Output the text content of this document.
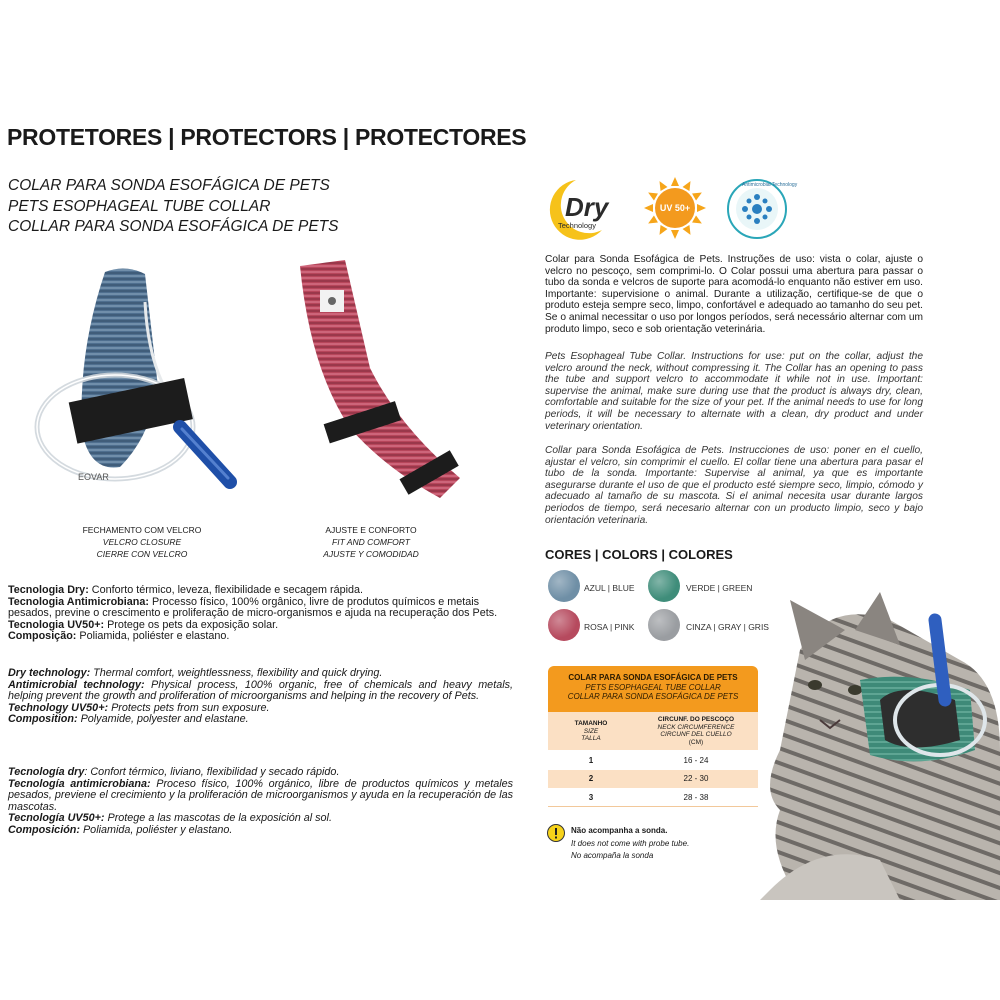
PROTETORES | PROTECTORS | PROTECTORES
COLAR PARA SONDA ESOFÁGICA DE PETS
PETS ESOPHAGEAL TUBE COLLAR
COLLAR PARA SONDA ESOFÁGICA DE PETS
EOVAR
FECHAMENTO COM VELCRO
VELCRO CLOSURE
CIERRE CON VELCRO
AJUSTE E CONFORTO
FIT AND COMFORT
AJUSTE Y COMODIDAD
Tecnologia Dry: Conforto térmico, leveza, flexibilidade e secagem rápida.
Tecnologia Antimicrobiana: Processo físico, 100% orgânico, livre de produtos químicos e metais pesados, previne o crescimento e proliferação de micro-organismos e ajuda na recuperação dos Pets.
Tecnologia UV50+: Protege os pets da exposição solar.
Composição: Poliamida, poliéster e elastano.
Dry technology: Thermal comfort, weightlessness, flexibility and quick drying.
Antimicrobial technology: Physical process, 100% organic, free of chemicals and heavy metals, helping prevent the growth and proliferation of microorganisms and helping in the recovery of Pets.
Technology UV50+: Protects pets from sun exposure.
Composition: Polyamide, polyester and elastane.
Tecnología dry: Confort térmico, liviano, flexibilidad y secado rápido.
Tecnología antimicrobiana: Proceso físico, 100% orgánico, libre de productos químicos y metales pesados, previene el crecimiento y la proliferación de microorganismos y ayuda en la recuperación de las mascotas.
Tecnología UV50+: Protege a las mascotas de la exposición al sol.
Composición: Poliamida, poliéster y elastano.
Dry
Technology
UV 50+
Antimicrobial Technology
Colar para Sonda Esofágica de Pets. Instruções de uso: vista o colar, ajuste o velcro no pescoço, sem comprimi-lo. O Colar possui uma abertura para passar o tubo da sonda e velcros de suporte para acomodá-lo enquanto não estiver em uso. Importante: supervisione o animal. Durante a utilização, certifique-se de que o produto esteja sempre seco, limpo, confortável e adequado ao tamanho do seu pet. Se o animal necessitar o uso por longos períodos, será necessário alternar com um produto limpo, seco e sob orientação veterinária.
Pets Esophageal Tube Collar. Instructions for use: put on the collar, adjust the velcro around the neck, without compressing it. The Collar has an opening to pass the tube and support velcro to accommodate it while not in use. Important: supervise the animal, make sure during use that the product is always dry, clean, comfortable and suitable for the size of your pet. If the animal needs to use for long periods, it will be necessary to alternate with a clean, dry product and under veterinary orientation.
Collar para Sonda Esofágica de Pets. Instrucciones de uso: poner en el cuello, ajustar el velcro, sin comprimir el cuello. El collar tiene una abertura para pasar el tubo de la sonda. Importante: Supervise al animal, ya que es importante asegurarse durante el uso de que el producto esté siempre seco, limpio, cómodo y adecuado al tamaño de su mascota. Si el animal necesita usar durante largos periodos de tiempo, será necesario alternar con un producto limpio, seco y bajo orientación veterinaria.
CORES | COLORS | COLORES
AZUL | BLUE	VERDE | GREEN
ROSA | PINK	CINZA | GRAY | GRIS
COLAR PARA SONDA ESOFÁGICA DE PETS
PETS ESOPHAGEAL TUBE COLLAR
COLLAR PARA SONDA ESOFÁGICA DE PETS
TAMANHO
SIZE
TALLA
CIRCUNF. DO PESCOÇO
NECK CIRCUMFERENCE
CIRCUNF DEL CUELLO
(CM)
1	16 - 24
2	22 - 30
3	28 - 38
Não acompanha a sonda.
It does not come with probe tube.
No acompaña la sonda
